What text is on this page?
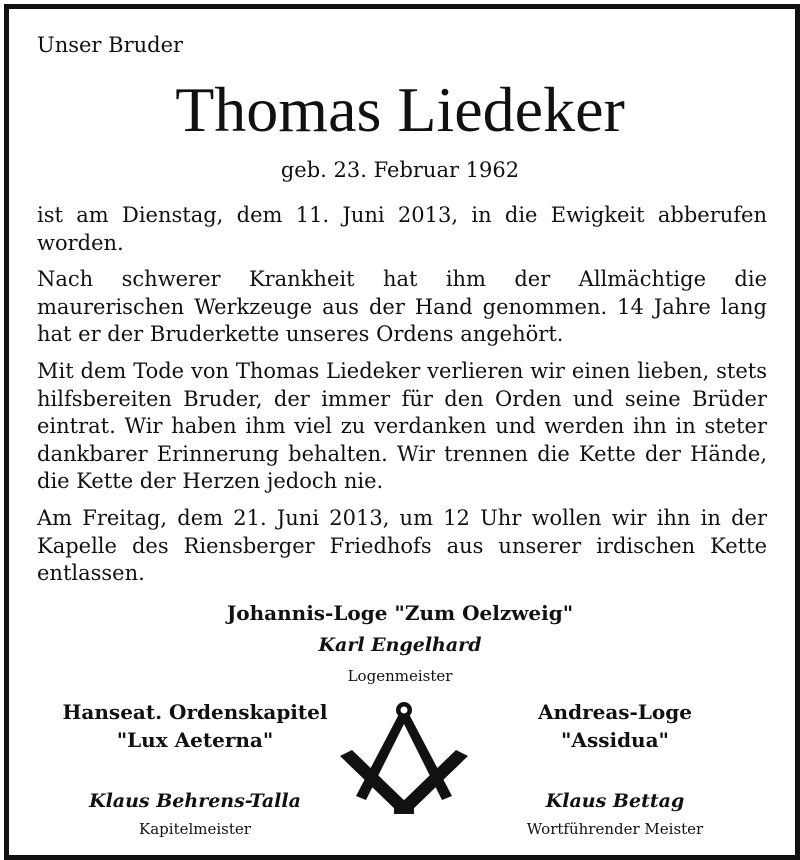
Unser Bruder
Thomas Liedeker
geb. 23. Februar 1962

ist am Dienstag, dem 11. Juni 2013, in die Ewigkeit abberufen worden.

Nach schwerer Krankheit hat ihm der Allmächtige die maurerischen Werkzeuge aus der Hand genommen. 14 Jahre lang hat er der Bruderkette unseres Ordens angehört.

Mit dem Tode von Thomas Liedeker verlieren wir einen lieben, stets hilfsbereiten Bruder, der immer für den Orden und seine Brüder eintrat. Wir haben ihm viel zu verdanken und werden ihn in steter dankbarer Erinnerung behalten. Wir trennen die Kette der Hände, die Kette der Herzen jedoch nie.

Am Freitag, dem 21. Juni 2013, um 12 Uhr wollen wir ihn in der Kapelle des Riensberger Friedhofs aus unserer irdischen Kette entlassen.

Johannis-Loge "Zum Oelzweig"
Karl Engelhard
Logenmeister
Hanseat. Ordenskapitel
"Lux Aeterna"
Klaus Behrens-Talla
Kapitelmeister
Andreas-Loge
"Assidua"
Klaus Bettag
Wortführender Meister
